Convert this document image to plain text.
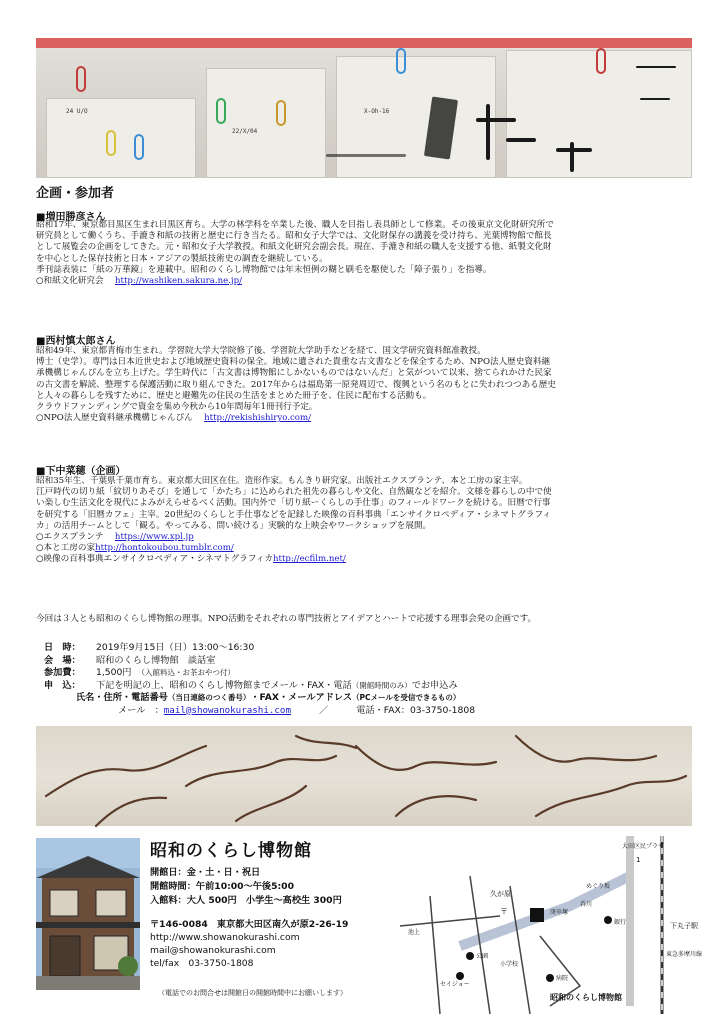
24 U/O
22/X/04
X-Oh-16
企画・参加者
■増田勝彦さん

昭和17年、東京都目黒区生まれ目黒区育ち。大学の林学科を卒業した後、職人を目指し表具師として修業。その後東京文化財研究所で

研究員として働くうち、手漉き和紙の技術と歴史に行き当たる。昭和女子大学では、文化財保存の講義を受け持ち、光葉博物館で館長

として展覧会の企画をしてきた。元・昭和女子大学教授。和紙文化研究会副会長。現在、手漉き和紙の職人を支援する他、紙製文化財

を中心とした保存技術と日本・アジアの製紙技術史の調査を継続している。

季刊誌表装に「紙の万華鏡」を連載中。昭和のくらし博物館では年末恒例の糊と刷毛を駆使した「障子張り」を指導。

○和紙文化研究会　 http://washiken.sakura.ne.jp/

■西村慎太郎さん

昭和49年、東京都青梅市生まれ。学習院大学大学院修了後、学習院大学助手などを経て、国文学研究資料館准教授。

博士（史学）。専門は日本近世史および地域歴史資料の保全。地域に遺された貴重な古文書などを保全するため、NPO法人歴史資料継

承機構じゃんぴんを立ち上げた。学生時代に「古文書は博物館にしかないものではないんだ」と気がついて以来、捨てられかけた民家

の古文書を解読、整理する保護活動に取り組んできた。2017年からは福島第一原発周辺で、復興という名のもとに失われつつある歴史

と人々の暮らしを残すために、歴史と避難先の住民の生活をまとめた冊子を、住民に配布する活動も。

クラウドファンディングで資金を集め今秋から10年間毎年1冊刊行予定。

○NPO法人歴史資料継承機構じゃんぴん　 http://rekishishiryo.com/

■下中菜穂（企画）

昭和35年生、千葉県千葉市育ち。東京都大田区在住。造形作家。もんきり研究家。出版社エクスプランテ、本と工房の家主宰。

江戸時代の切り紙「紋切りあそび」を通して「かたち」に込められた祖先の暮らしや文化、自然観などを紹介。文様を暮らしの中で使

い楽しむ生活文化を現代によみがえらせるべく活動。国内外で「切り紙ーくらしの手仕事」のフィールドワークを続ける。旧暦で行事

を研究する「旧暦カフェ」主宰。20世紀のくらしと手仕事などを記録した映像の百科事典「エンサイクロペディア・シネマトグラフィ

カ」の活用チームとして「観る。やってみる、問い続ける」実験的な上映会やワークショップを展開。

○エクスプランテ　 https://www.xpl.jp

○本と工房の家http://hontokoubou.tumblr.com/

○映像の百科事典エンサイクロペディア・シネマトグラフィカhttp://ecfilm.net/

今回は３人とも昭和のくらし博物館の理事。NPO活動をそれぞれの専門技術とアイデアとハートで応援する理事会発の企画です。
日　時：	2019年9月15日（日）13:00〜16:30
会　場：	昭和のくらし博物館　談話室
参加費：	1,500円 （入館料込・お茶おやつ付）
申　込：	下記を明記の上、昭和のくらし博物館までメール・FAX・電話 （開館時間のみ） でお申込み
氏名・住所・電話番号 （当日連絡のつく番号） ・FAX・メールアドレス （PCメールを受信できるもの）
メール　： mail@showanokurashi.com	／	電話・FAX：03-3750-1808
昭和のくらし博物館
開館日：金・土・日・祝日
開館時間：午前10:00〜午後5:00
入館料：大人 500円　小学生〜高校生 300円
〒146-0084　東京都大田区南久が原2-26-19
http://www.showanokurashi.com
mail@showanokurashi.com
tel/fax　03-3750-1808
（電話でのお問合せは開館日の開館時間中にお願いします）
下丸子駅
東急多摩川線
久が原
〒
銀行
公園
小学校
病院
呑川
大田区民プラザ
1
めぐり坂
庚申塚
池上
セイジョー
昭和のくらし博物館
